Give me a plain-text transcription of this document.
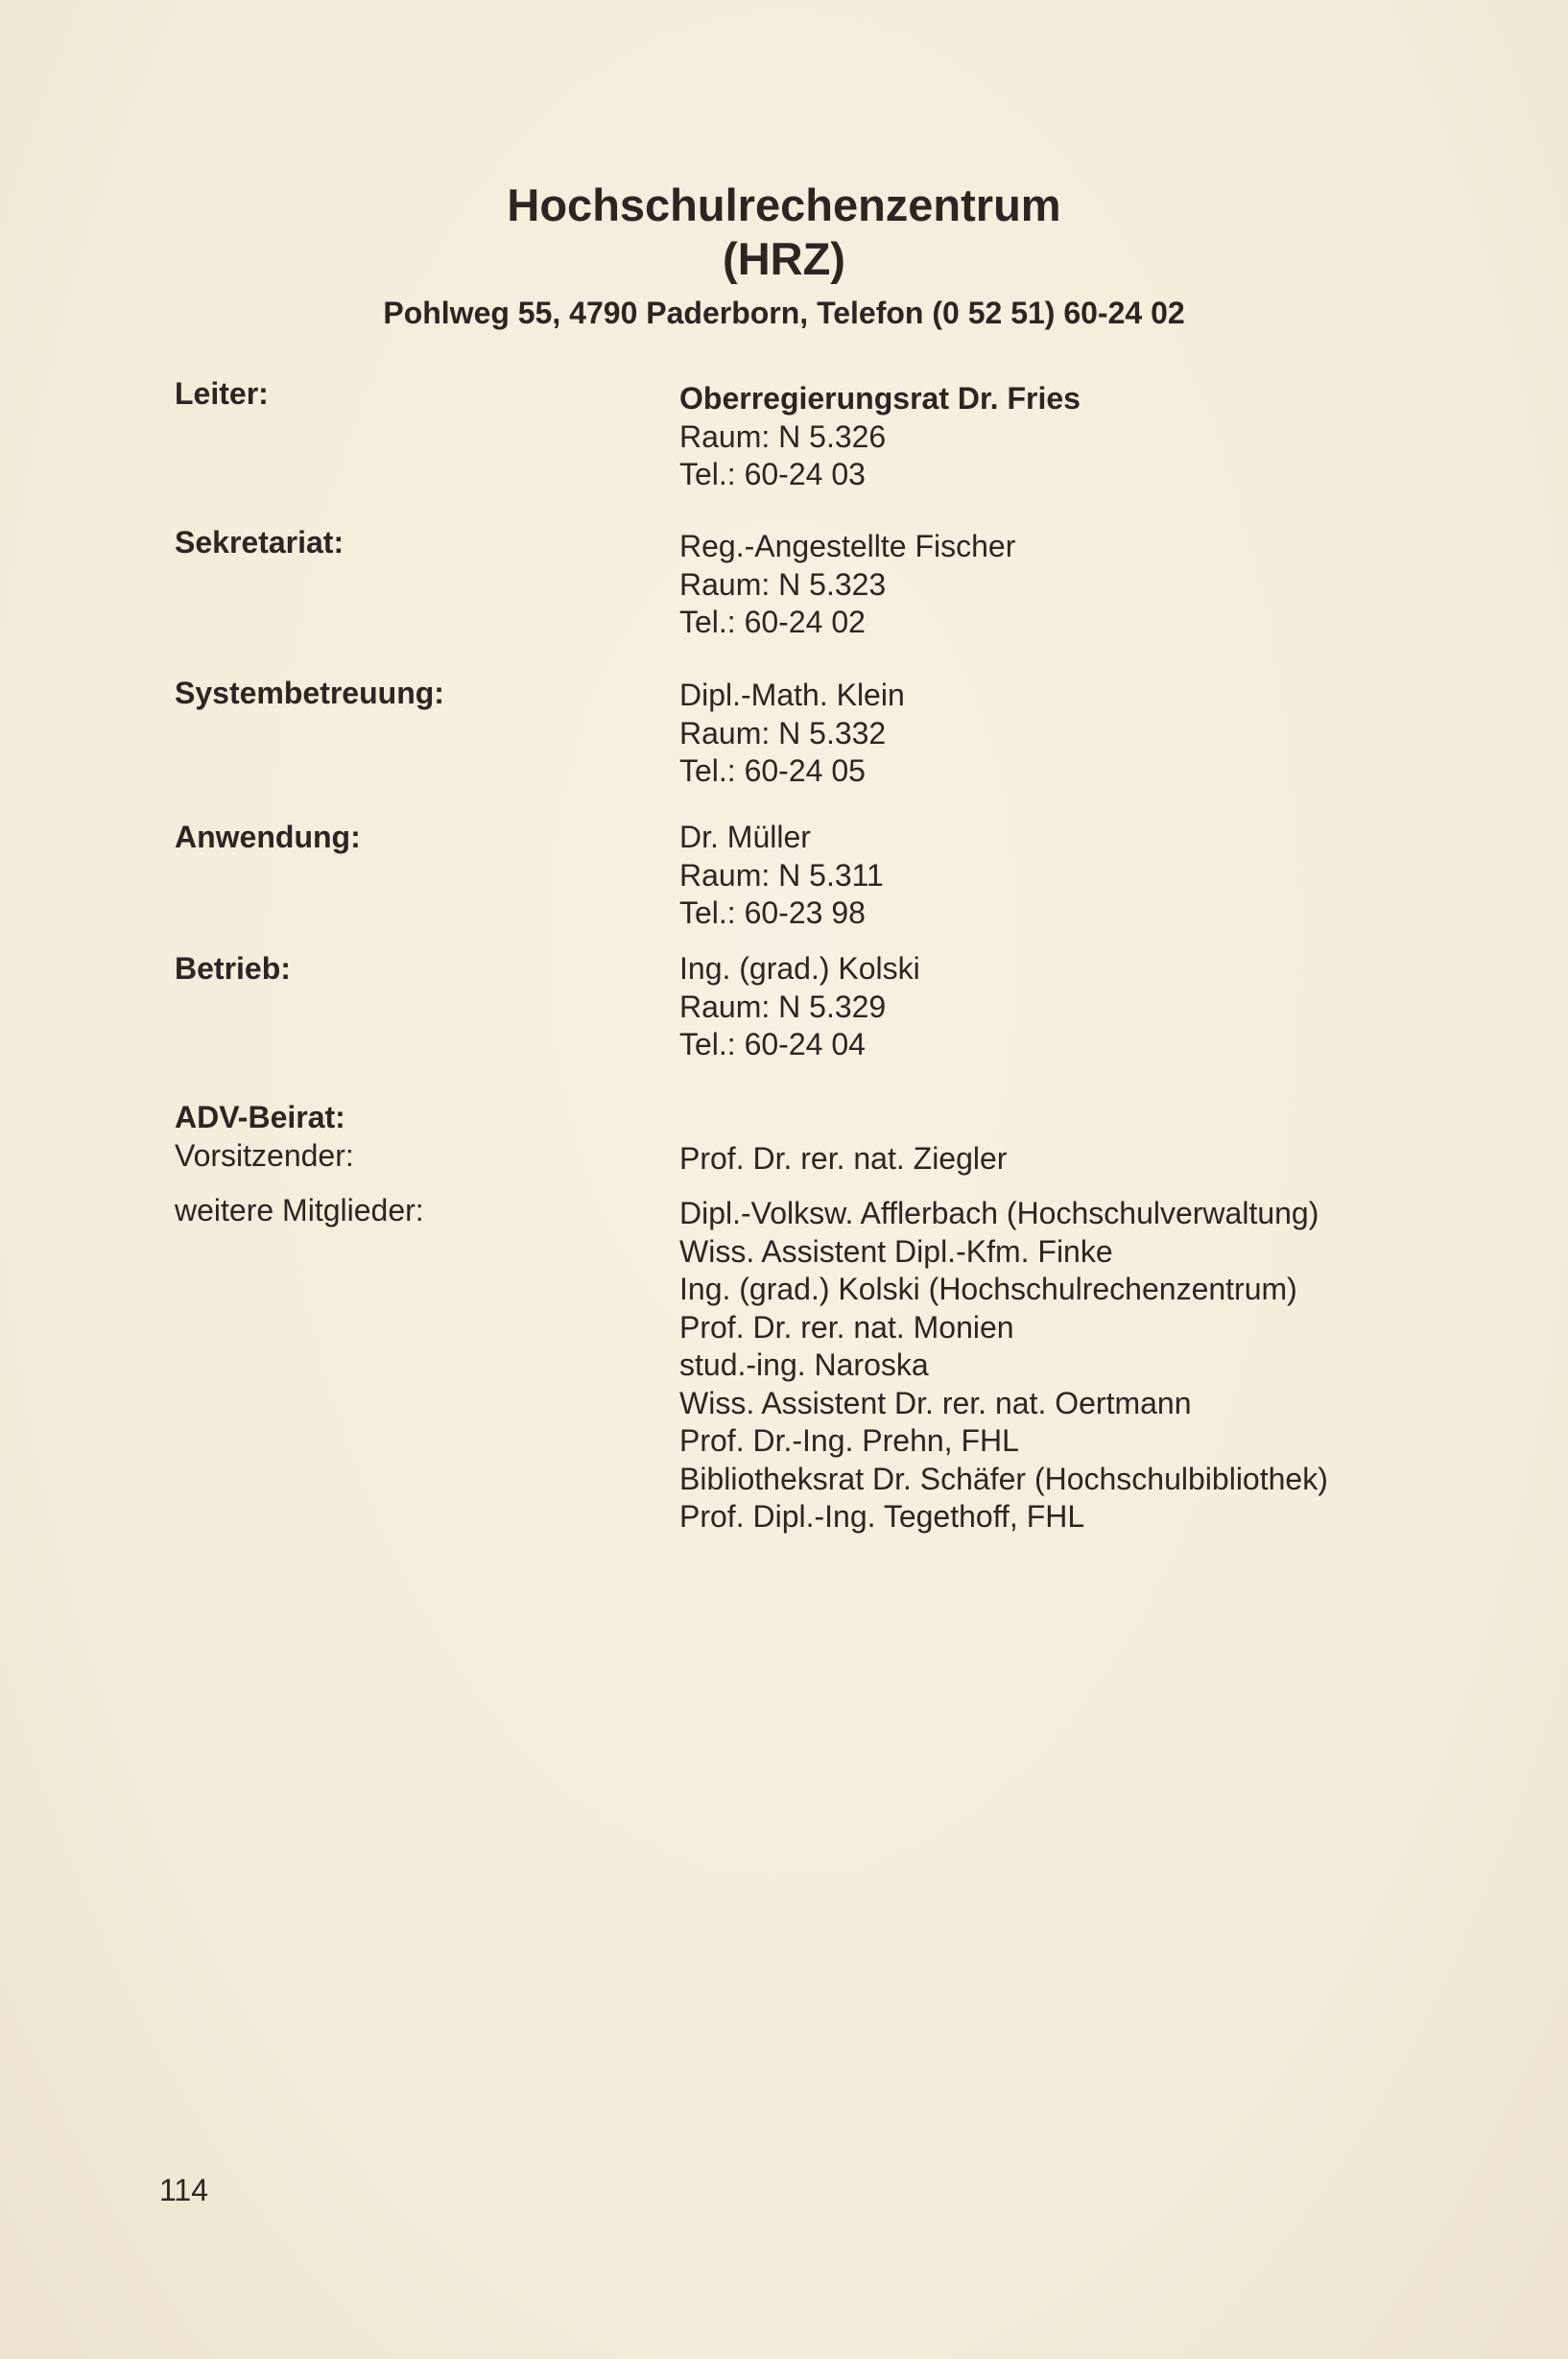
Hochschulrechenzentrum
(HRZ)

Pohlweg 55, 4790 Paderborn, Telefon (0 52 51) 60-24 02

Leiter:	Oberregierungsrat Dr. Fries
Raum: N 5.326
Tel.: 60-24 03

Sekretariat:	Reg.-Angestellte Fischer
Raum: N 5.323
Tel.: 60-24 02

Systembetreuung:	Dipl.-Math. Klein
Raum: N 5.332
Tel.: 60-24 05

Anwendung:	Dr. Müller
Raum: N 5.311
Tel.: 60-23 98

Betrieb:	Ing. (grad.) Kolski
Raum: N 5.329
Tel.: 60-24 04

ADV-Beirat:

Vorsitzender:	Prof. Dr. rer. nat. Ziegler

weitere Mitglieder:	Dipl.-Volksw. Afflerbach (Hochschulverwaltung)
Wiss. Assistent Dipl.-Kfm. Finke
Ing. (grad.) Kolski (Hochschulrechenzentrum)
Prof. Dr. rer. nat. Monien
stud.-ing. Naroska
Wiss. Assistent Dr. rer. nat. Oertmann
Prof. Dr.-Ing. Prehn, FHL
Bibliotheksrat Dr. Schäfer (Hochschulbibliothek)
Prof. Dipl.-Ing. Tegethoff, FHL

114
